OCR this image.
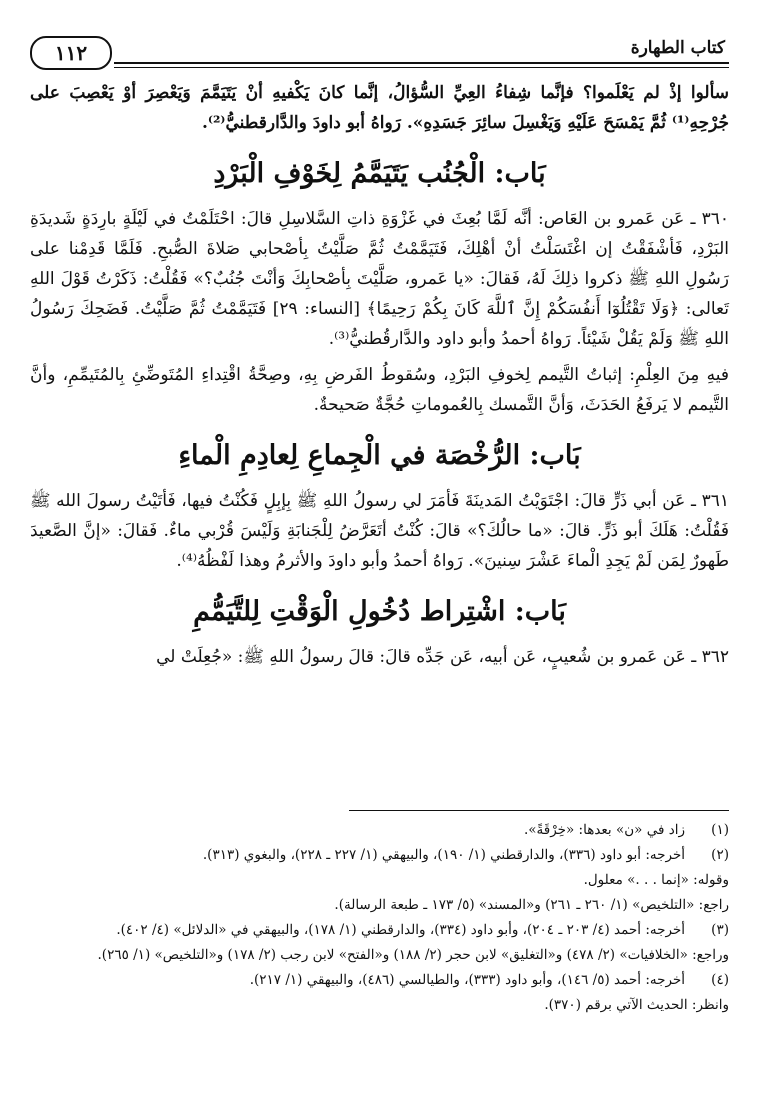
كتاب الطهارة
١١٢

سألوا إذْ لم يَعْلَموا؟ فإنَّما شِفاءُ العِيِّ السُّؤالُ، إنَّما كانَ يَكْفيهِ أنْ يَتَيَمَّمَ وَيَعْصِرَ أوْ يَعْصِبَ على جُرْحِهِ⁽¹⁾ ثُمَّ يَمْسَحَ عَلَيْهِ وَيَغْسِلَ سائِرَ جَسَدِهِ». رَواهُ أبو داودَ والدَّارقطنيُّ⁽²⁾.

بَاب: الْجُنُب يَتَيَمَّمُ لِخَوْفِ الْبَرْدِ

٣٦٠ ـ عَن عَمرو بن العَاص: أنَّه لَمَّا بُعِثَ في غَزْوَةِ ذاتِ السَّلاسِلِ قالَ: احْتَلَمْتُ في لَيْلَةٍ بارِدَةٍ شَديدَةِ البَرْدِ، فَأشْفَقْتُ إن اغْتَسَلْتُ أنْ أهْلِكَ، فَتَيَمَّمْتُ ثُمَّ صَلَّيْتُ بِأصْحابي صَلاةَ الصُّبحِ. فَلَمَّا قَدِمْنا على رَسُولِ اللهِ ﷺ ذكروا ذلِكَ لَهُ، فَقالَ: «يا عَمرو، صَلَّيْتَ بِأصْحابِكَ وَأنْتَ جُنُبٌ؟» فَقُلْتُ: ذَكَرْتُ قَوْلَ اللهِ تَعالى: ﴿وَلَا تَقْتُلُوٓا أَنفُسَكُمْ إِنَّ ٱللَّهَ كَانَ بِكُمْ رَحِيمًا﴾ [النساء: ٢٩] فَتَيَمَّمْتُ ثُمَّ صَلَّيْتُ. فَضَحِكَ رَسُولُ اللهِ ﷺ وَلَمْ يَقُلْ شَيْئاً. رَواهُ أحمدُ وأبو داود والدَّارقُطنيُّ⁽³⁾.

فيهِ مِنَ العِلْمِ: إثباتُ التَّيمم لِخوفِ البَرْدِ، وسُقوطُ الفَرضِ بِهِ، وصِحَّةُ اقْتِداءِ المُتَوضِّئِ بِالمُتَيمِّمِ، وأنَّ التَّيمم لا يَرفَعُ الحَدَثَ، وَأنَّ التَّمسك بِالعُموماتِ حُجَّةٌ صَحيحةٌ.

بَاب: الرُّخْصَة في الْجِماعِ لِعادِمِ الْماءِ

٣٦١ ـ عَن أبي ذَرٍّ قالَ: اجْتَوَيْتُ المَدينَةَ فَأمَرَ لي رسولُ اللهِ ﷺ بِإبِلٍ فَكُنْتُ فيها، فَأتَيْتُ رسولَ الله ﷺ فَقُلْتُ: هَلَكَ أبو ذَرٍّ. قالَ: «ما حالُكَ؟» قالَ: كُنْتُ أتَعَرَّضُ لِلْجَنابَةِ وَلَيْسَ قُرْبي ماءٌ. فَقالَ: «إنَّ الصَّعيدَ طَهورٌ لِمَن لَمْ يَجِدِ الْماءَ عَشْرَ سِنينَ». رَواهُ أحمدُ وأبو داودَ والأثرمُ وهذا لَفْظُهُ⁽⁴⁾.

بَاب: اشْتِراط دُخُولِ الْوَقْتِ لِلتَّيَمُّمِ

٣٦٢ ـ عَن عَمرو بن شُعيبٍ، عَن أبيه، عَن جَدِّه قالَ: قالَ رسولُ اللهِ ﷺ: «جُعِلَتْ لي

(١)
زاد في «ن» بعدها: «خِرْقَةً».
(٢)
أخرجه: أبو داود (٣٣٦)، والدارقطني (١/ ١٩٠)، والبيهقي (١/ ٢٢٧ ـ ٢٢٨)، والبغوي (٣١٣).
وقوله: «إنما . . .» معلول.
راجع: «التلخيص» (١/ ٢٦٠ ـ ٢٦١) و«المسند» (٥/ ١٧٣ ـ طبعة الرسالة).
(٣)
أخرجه: أحمد (٤/ ٢٠٣ ـ ٢٠٤)، وأبو داود (٣٣٤)، والدارقطني (١/ ١٧٨)، والبيهقي في «الدلائل» (٤/ ٤٠٢).
وراجع: «الخلافيات» (٢/ ٤٧٨) و«التغليق» لابن حجر (٢/ ١٨٨) و«الفتح» لابن رجب (٢/ ١٧٨) و«التلخيص» (١/ ٢٦٥).
(٤)
أخرجه: أحمد (٥/ ١٤٦)، وأبو داود (٣٣٣)، والطيالسي (٤٨٦)، والبيهقي (١/ ٢١٧).
وانظر: الحديث الآتي برقم (٣٧٠).
